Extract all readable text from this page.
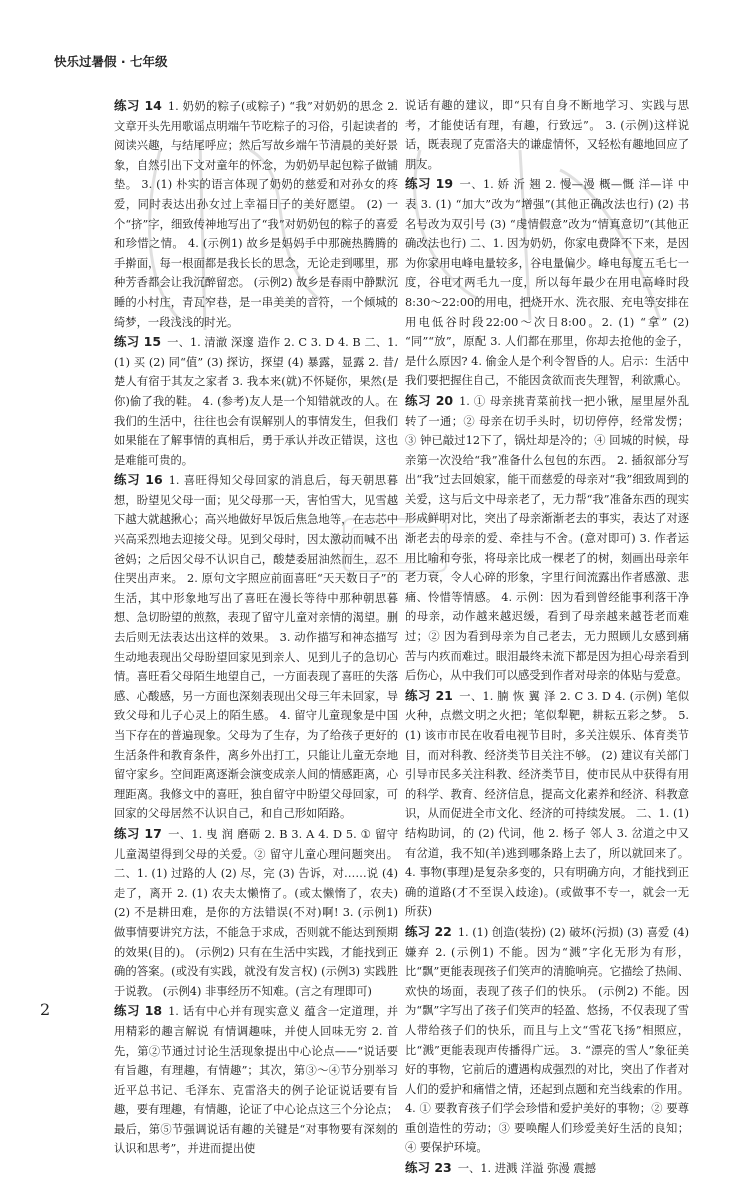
快乐过暑假 · 七年级

练习 14 1. 奶奶的粽子(或粽子) “我”对奶奶的思念 2. 文章开头先用歌谣点明端午节吃粽子的习俗，引起读者的阅读兴趣，与结尾呼应；然后写故乡端午节清晨的美好景象，自然引出下文对童年的怀念，为奶奶早起包粽子做铺垫。 3. (1) 朴实的语言体现了奶奶的慈爱和对孙女的疼爱，同时表达出孙女过上幸福日子的美好愿望。 (2) 一个“挤”字，细致传神地写出了“我”对奶奶包的粽子的喜爱和珍惜之情。 4. (示例1) 故乡是妈妈手中那碗热腾腾的手擀面，每一根面都是我长长的思念，无论走到哪里，那种芳香都会让我沉醉留恋。 (示例2) 故乡是春雨中静默沉睡的小村庄，青瓦窄巷，是一串美美的音符，一个倾城的绮梦，一段浅浅的时光。

练习 15 一、1. 清澈 深邃 造作 2. C 3. D 4. B 二、1. (1) 买 (2) 同“值” (3) 探访，探望 (4) 暴露，显露 2. 昔/楚人有宿于其友之家者 3. 我本来(就)不怀疑你，果然(是你)偷了我的鞋。 4. (参考)友人是一个知错就改的人。在我们的生活中，往往也会有误解别人的事情发生，但我们如果能在了解事情的真相后，勇于承认并改正错误，这也是难能可贵的。

练习 16 1. 喜旺得知父母回家的消息后，每天朝思暮想，盼望见父母一面；见父母那一天，害怕雪大，见雪越下越大就越揪心；高兴地做好早饭后焦急地等，在志芯中兴高采烈地去迎接父母。见到父母时，因太激动而喊不出爸妈；之后因父母不认识自己，酸楚委屈油然而生，忍不住哭出声来。 2. 原句文字照应前面喜旺“天天数日子”的生活，其中形象地写出了喜旺在漫长等待中那种朝思暮想、急切盼望的煎熬，表现了留守儿童对亲情的渴望。删去后则无法表达出这样的效果。 3. 动作描写和神态描写生动地表现出父母盼望回家见到亲人、见到儿子的急切心情。喜旺看父母陌生地望自己，一方面表现了喜旺的失落感、心酸感，另一方面也深刻表现出父母三年未回家，导致父母和儿子心灵上的陌生感。 4. 留守儿童现象是中国当下存在的普遍现象。父母为了生存，为了给孩子更好的生活条件和教育条件，离乡外出打工，只能让儿童无奈地留守家乡。空间距离逐渐会演变成亲人间的情感距离，心理距离。我修文中的喜旺，独自留守中盼望父母回家，可回家的父母居然不认识自己，和自己形如陌路。

练习 17 一、1. 曳 润 磨砺 2. B 3. A 4. D 5. ① 留守儿童渴望得到父母的关爱。② 留守儿童心理问题突出。 二、1. (1) 过路的人 (2) 尽，完 (3) 告诉，对……说 (4) 走了，离开 2. (1) 农夫太懒惰了。(或太懒惰了，农夫) (2) 不是耕田难，是你的方法错误(不对)啊! 3. (示例1) 做事情要讲究方法，不能急于求成，否则就不能达到预期的效果(目的)。 (示例2) 只有在生活中实践，才能找到正确的答案。(或没有实践，就没有发言权) (示例3) 实践胜于说教。 (示例4) 非事经历不知难。(言之有理即可)

练习 18 1. 话有中心并有现实意义 蕴含一定道理，并用精彩的趣言解说 有情调趣味，并使人回味无穷 2. 首先，第②节通过讨论生活现象提出中心论点——“说话要有旨趣，有理趣，有情趣”；其次，第③～④节分别举习近平总书记、毛泽东、克雷洛夫的例子论证说话要有旨趣，要有理趣，有情趣，论证了中心论点这三个分论点；最后，第⑤节强调说话有趣的关键是“对事物要有深刻的认识和思考”，并进而提出使

说话有趣的建议，即“只有自身不断地学习、实践与思考，才能使话有理，有趣，行致远”。 3. (示例)这样说话，既表现了克雷洛夫的谦虚情怀，又轻松有趣地回应了朋友。

练习 19 一、1. 娇 沂 翘 2. 慢—漫 概—慨 洋—详 中 表 3. (1) “加大”改为“增强”(其他正确改法也行) (2) 书名号改为双引号 (3) “虔情假意”改为“情真意切”(其他正确改法也行) 二、1. 因为奶奶，你家电费降不下来，是因为你家用电峰电量较多，谷电量偏少。峰电每度五毛七一度，谷电才两毛九一度，所以每年最少在用电高峰时段8:30～22:00的用电，把烧开水、洗衣服、充电等安排在用电低谷时段22:00～次日8:00。2. (1) “拿” (2) “同”“放”，原配 3. 人们都在那里，你却去抢他的金子，是什么原因? 4. 偷金人是个利令智昏的人。启示：生活中我们要把握住自己，不能因贪欲而丧失理智，利欲熏心。

练习 20 1. ① 母亲挑青菜前找一把小锹，屋里屋外乱转了一通；② 母亲在切手头时，切切停停，经常发愣；③ 钟已敲过12下了，锅灶却是冷的；④ 回城的时候，母亲第一次没给“我”准备什么包包的东西。 2. 插叙部分写出“我”过去回娘家，能干而慈爱的母亲对“我”细致周到的关爱，这与后文中母亲老了，无力帮“我”准备东西的现实形成鲜明对比，突出了母亲渐渐老去的事实，表达了对逐渐老去的母亲的爱、牵挂与不舍。(意对即可) 3. 作者运用比喻和夸张，将母亲比成一棵老了的树，刻画出母亲年老力衰，令人心碎的形象，字里行间流露出作者感激、悲痛、怜惜等情感。 4. 示例：因为看到曾经能事利落干净的母亲，动作越来越迟缓，看到了母亲越来越苍老而难过；② 因为看到母亲为自己老去，无力照顾儿女感到痛苦与内疚而难过。眼泪最终未流下都是因为担心母亲看到后伤心，从中我们可以感受到作者对母亲的体贴与爱意。

练习 21 一、1. 腩 恢 翼 泽 2. C 3. D 4. (示例) 笔似火种，点燃文明之火把；笔似犁靶，耕耘五彩之梦。 5. (1) 该市市民在收看电视节目时，多关注娱乐、体育类节目，而对科教、经济类节目关注不够。 (2) 建议有关部门引导市民多关注科教、经济类节目，使市民从中获得有用的科学、教育、经济信息，提高文化素养和经济、科教意识，从而促进全市文化、经济的可持续发展。 二、1. (1) 结构助词，的 (2) 代词，他 2. 杨子 邻人 3. 岔道之中又有岔道，我不知(羊)逃到哪条路上去了，所以就回来了。 4. 事物(事理)是复杂多变的，只有明确方向，才能找到正确的道路(才不至误入歧途)。(或做事不专一，就会一无所获)

练习 22 1. (1) 创造(装扮) (2) 破坏(污损) (3) 喜爱 (4) 嫌弃 2. (示例1) 不能。因为“溅”字化无形为有形，比“飘”更能表现孩子们笑声的清脆响亮。它描绘了热闹、欢快的场面，表现了孩子们的快乐。 (示例2) 不能。因为“飘”字写出了孩子们笑声的轻盈、悠扬，不仅表现了雪人带给孩子们的快乐，而且与上文“雪花飞扬”相照应，比“溅”更能表现声传播得广远。 3. “漂亮的雪人”象征美好的事物，它前后的遭遇构成强烈的对比，突出了作者对人们的爱护和痛惜之情，还起到点题和充当线索的作用。 4. ① 要教育孩子们学会珍惜和爱护美好的事物；② 要尊重创造性的劳动；③ 要唤醒人们珍爱美好生活的良知；④ 要保护环境。

练习 23 一、1. 进溅 洋溢 弥漫 震撼

2
